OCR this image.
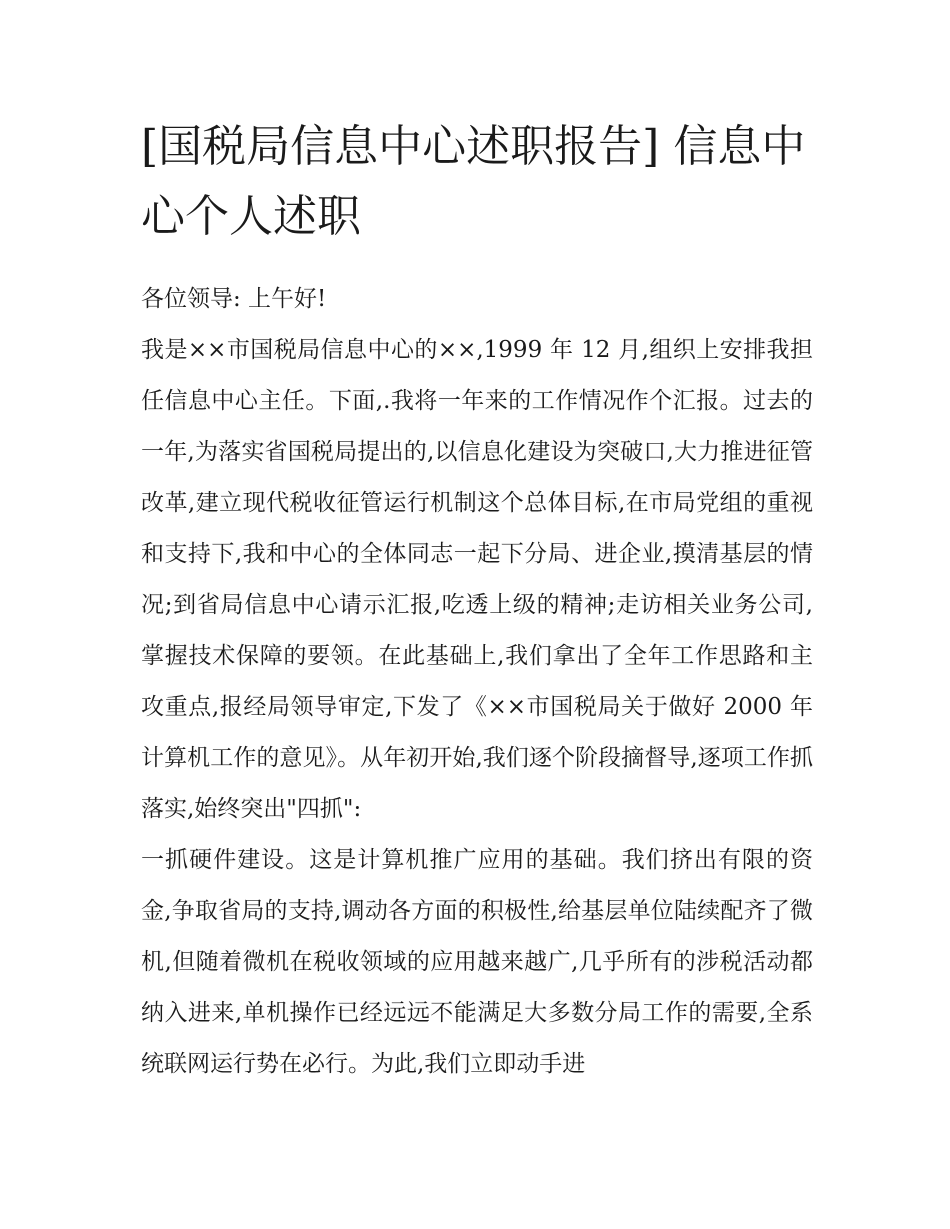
[国税局信息中心述职报告] 信息中心个人述职

各位领导: 上午好!

我是××市国税局信息中心的××,1999 年 12 月,组织上安排我担任信息中心主任。下面,.我将一年来的工作情况作个汇报。过去的一年,为落实省国税局提出的,以信息化建设为突破口,大力推进征管改革,建立现代税收征管运行机制这个总体目标,在市局党组的重视和支持下,我和中心的全体同志一起下分局、进企业,摸清基层的情况;到省局信息中心请示汇报,吃透上级的精神;走访相关业务公司,掌握技术保障的要领。在此基础上,我们拿出了全年工作思路和主攻重点,报经局领导审定,下发了《××市国税局关于做好 2000 年计算机工作的意见》。从年初开始,我们逐个阶段摘督导,逐项工作抓落实,始终突出"四抓":

一抓硬件建设。这是计算机推广应用的基础。我们挤出有限的资金,争取省局的支持,调动各方面的积极性,给基层单位陆续配齐了微机,但随着微机在税收领域的应用越来越广,几乎所有的涉税活动都纳入进来,单机操作已经远远不能满足大多数分局工作的需要,全系统联网运行势在必行。为此,我们立即动手进
